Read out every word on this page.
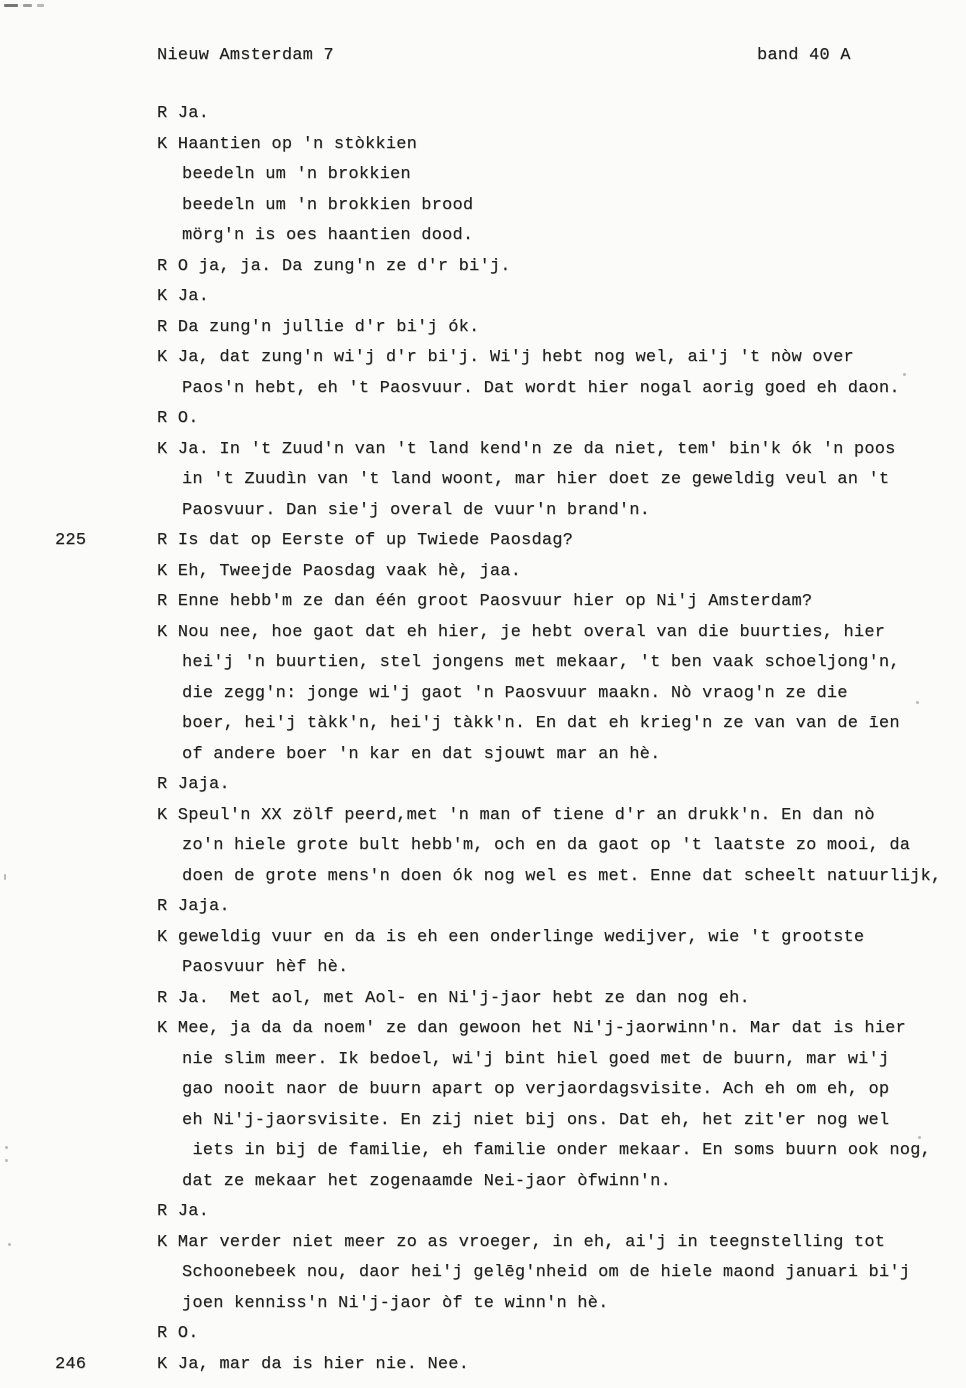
Nieuw Amsterdam 7	band 40 A
R Ja.
K Haantien op 'n stòkkien
beedeln um 'n brokkien
beedeln um 'n brokkien brood
mörg'n is oes haantien dood.
R O ja, ja. Da zung'n ze d'r bi'j.
K Ja.
R Da zung'n jullie d'r bi'j ók.
K Ja, dat zung'n wi'j d'r bi'j. Wi'j hebt nog wel, ai'j 't nòw over
Paos'n hebt, eh 't Paosvuur. Dat wordt hier nogal aorig goed eh daon.
R O.
K Ja. In 't Zuud'n van 't land kend'n ze da niet, tem' bin'k ók 'n poos
in 't Zuudìn van 't land woont, mar hier doet ze geweldig veul an 't
Paosvuur. Dan sie'j overal de vuur'n brand'n.
225	R Is dat op Eerste of up Twiede Paosdag?
K Eh, Tweejde Paosdag vaak hè, jaa.
R Enne hebb'm ze dan één groot Paosvuur hier op Ni'j Amsterdam?
K Nou nee, hoe gaot dat eh hier, je hebt overal van die buurties, hier
hei'j 'n buurtien, stel jongens met mekaar, 't ben vaak schoeljong'n,
die zegg'n: jonge wi'j gaot 'n Paosvuur maakn. Nò vraog'n ze die
boer, hei'j tàkk'n, hei'j tàkk'n. En dat eh krieg'n ze van van de īen
of andere boer 'n kar en dat sjouwt mar an hè.
R Jaja.
K Speul'n XX zölf peerd,met 'n man of tiene d'r an drukk'n. En dan nò
zo'n hiele grote bult hebb'm, och en da gaot op 't laatste zo mooi, da
doen de grote mens'n doen ók nog wel es met. Enne dat scheelt natuurlijk,
R Jaja.
K geweldig vuur en da is eh een onderlinge wedijver, wie 't grootste
Paosvuur hèf hè.
R Ja.  Met aol, met Aol- en Ni'j-jaor hebt ze dan nog eh.
K Mee, ja da da noem' ze dan gewoon het Ni'j-jaorwinn'n. Mar dat is hier
nie slim meer. Ik bedoel, wi'j bint hiel goed met de buurn, mar wi'j
gao nooit naor de buurn apart op verjaordagsvisite. Ach eh om eh, op
eh Ni'j-jaorsvisite. En zij niet bij ons. Dat eh, het zit'er nog wel
iets in bij de familie, eh familie onder mekaar. En soms buurn ook nog,
dat ze mekaar het zogenaamde Nei-jaor òfwinn'n.
R Ja.
K Mar verder niet meer zo as vroeger, in eh, ai'j in teegnstelling tot
Schoonebeek nou, daor hei'j gelēg'nheid om de hiele maond januari bi'j
joen kenniss'n Ni'j-jaor òf te winn'n hè.
R O.
246	K Ja, mar da is hier nie. Nee.
